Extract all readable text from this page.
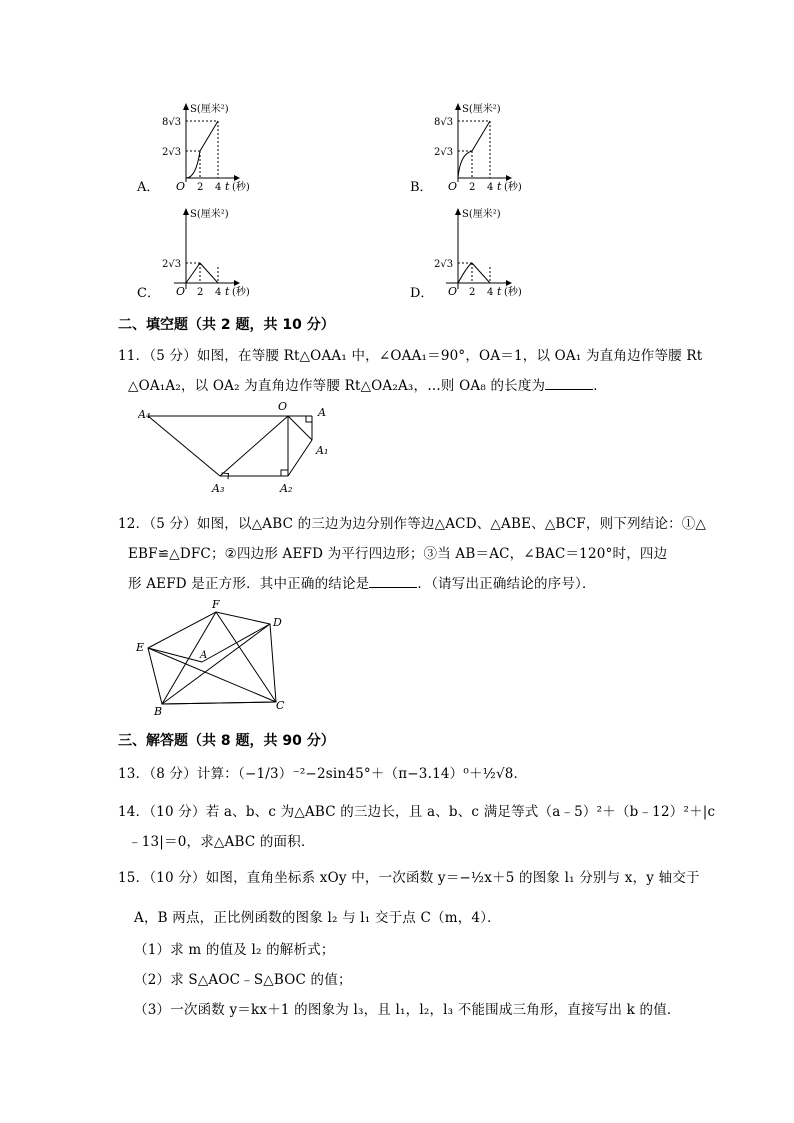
A．
S(厘米²)
8√3
2√3
O 2 4 t (秒)	B．
S(厘米²)
8√3
2√3
O 2 4 t (秒)
C．
S(厘米²)
2√3
O 2 4 t (秒)	D．
S(厘米²)
2√3
O 2 4 t (秒)
二、填空题（共 2 题，共 10 分）
11．（5 分）如图，在等腰 Rt△OAA₁ 中，∠OAA₁＝90°，OA＝1，以 OA₁ 为直角边作等腰 Rt
△OA₁A₂，以 OA₂ 为直角边作等腰 Rt△OA₂A₃，…则 OA₈ 的长度为	．
A₄
O	A
A₁
A₂
A₃
12．（5 分）如图，以△ABC 的三边为边分别作等边△ACD、△ABE、△BCF，则下列结论：①△
EBF≌△DFC；②四边形 AEFD 为平行四边形；③当 AB＝AC，∠BAC＝120°时，四边
形 AEFD 是正方形．其中正确的结论是	．（请写出正确结论的序号）．
F
D
E
A
B	C
三、解答题（共 8 题，共 90 分）
13．（8 分）计算：（−1/3）⁻²−2sin45°＋（π−3.14）⁰＋½√8．
14．（10 分）若 a、b、c 为△ABC 的三边长，且 a、b、c 满足等式（a﹣5）²＋（b﹣12）²＋|c
﹣13|＝0，求△ABC 的面积．
15．（10 分）如图，直角坐标系 xOy 中，一次函数 y＝−½x＋5 的图象 l₁ 分别与 x，y 轴交于
A，B 两点，正比例函数的图象 l₂ 与 l₁ 交于点 C（m，4）．
（1）求 m 的值及 l₂ 的解析式；
（2）求 S△AOC﹣S△BOC 的值；
（3）一次函数 y＝kx＋1 的图象为 l₃，且 l₁，l₂，l₃ 不能围成三角形，直接写出 k 的值．
